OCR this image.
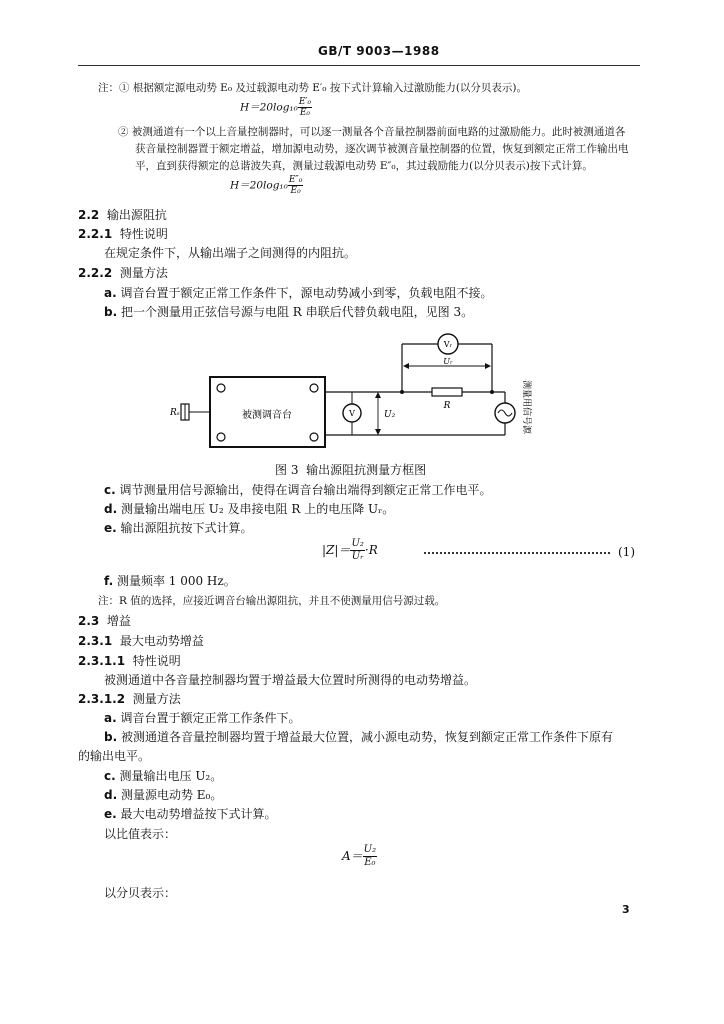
GB/T 9003—1988
注：① 根据额定源电动势 E₀ 及过载源电动势 E′₀ 按下式计算输入过激励能力(以分贝表示)。
$H=20\log_{10} \frac{\text{E′₀}}{\text{E₀}}$
② 被测通道有一个以上音量控制器时，可以逐一测量各个音量控制器前面电路的过激励能力。此时被测通道各
获音量控制器置于额定增益，增加源电动势，逐次调节被测音量控制器的位置，恢复到额定正常工作输出电
平，直到获得额定的总谐波失真，测量过载源电动势 E″₀，其过载励能力(以分贝表示)按下式计算。
$H=20\log_{10} \frac{\text{E″₀}}{\text{E₀}}$
2.2 输出源阻抗
2.2.1 特性说明
在规定条件下，从输出端子之间测得的内阻抗。
2.2.2 测量方法
a. 调音台置于额定正常工作条件下，源电动势减小到零，负载电阻不接。
b. 把一个测量用正弦信号源与电阻 R 串联后代替负载电阻，见图 3。
被测调音台
Rₛ	V	U₂
Vᵣ
Uᵣ
R	测量用信号源
图 3 输出源阻抗测量方框图
c. 调节测量用信号源输出，使得在调音台输出端得到额定正常工作电平。
d. 测量输出端电压 U₂ 及串接电阻 R 上的电压降 Uᵣ。
e. 输出源阻抗按下式计算。
$|Z|= \frac{\text{U₂}}{\text{Uᵣ}} \cdot R$	(1)
f. 测量频率 1 000 Hz。
注：R 值的选择，应接近调音台输出源阻抗，并且不使测量用信号源过载。
2.3 增益
2.3.1 最大电动势增益
2.3.1.1 特性说明
被测通道中各音量控制器均置于增益最大位置时所测得的电动势增益。
2.3.1.2 测量方法
a. 调音台置于额定正常工作条件下。
b. 被测通道各音量控制器均置于增益最大位置，减小源电动势，恢复到额定正常工作条件下原有
的输出电平。
c. 测量输出电压 U₂。
d. 测量源电动势 E₀。
e. 最大电动势增益按下式计算。
以比值表示：
$A= \frac{\text{U₂}}{\text{E₀}}$
以分贝表示：
3
